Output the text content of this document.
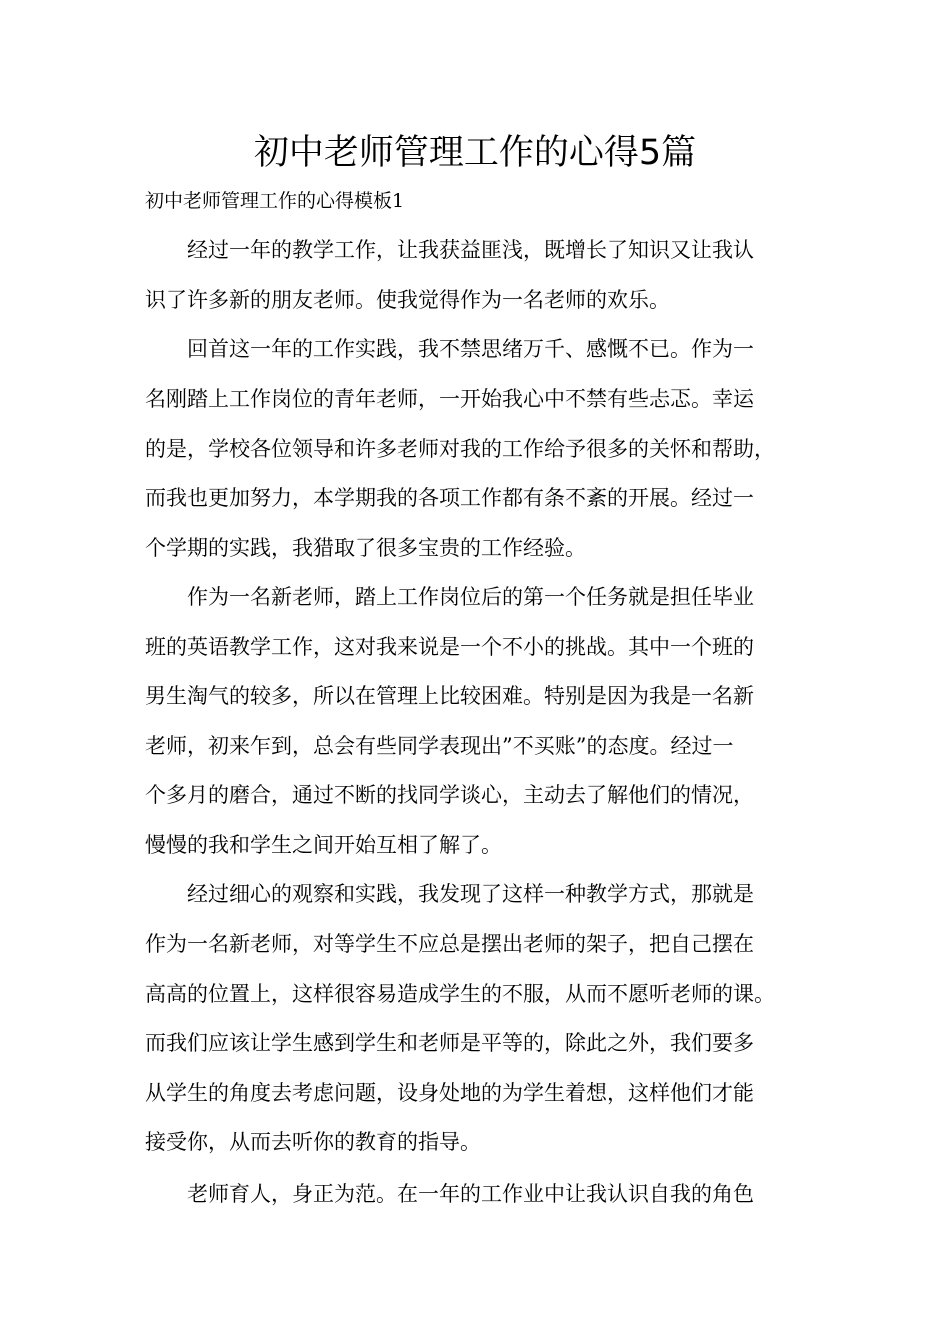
初中老师管理工作的心得5篇

初中老师管理工作的心得模板1

　　经过一年的教学工作，让我获益匪浅，既增长了知识又让我认

识了许多新的朋友老师。使我觉得作为一名老师的欢乐。

　　回首这一年的工作实践，我不禁思绪万千、感慨不已。作为一

名刚踏上工作岗位的青年老师，一开始我心中不禁有些忐忑。幸运

的是，学校各位领导和许多老师对我的工作给予很多的关怀和帮助，

而我也更加努力，本学期我的各项工作都有条不紊的开展。经过一

个学期的实践，我猎取了很多宝贵的工作经验。

　　作为一名新老师，踏上工作岗位后的第一个任务就是担任毕业

班的英语教学工作，这对我来说是一个不小的挑战。其中一个班的

男生淘气的较多，所以在管理上比较困难。特别是因为我是一名新

老师，初来乍到，总会有些同学表现出”不买账”的态度。经过一

个多月的磨合，通过不断的找同学谈心，主动去了解他们的情况，

慢慢的我和学生之间开始互相了解了。

　　经过细心的观察和实践，我发现了这样一种教学方式，那就是

作为一名新老师，对等学生不应总是摆出老师的架子，把自己摆在

高高的位置上，这样很容易造成学生的不服，从而不愿听老师的课。

而我们应该让学生感到学生和老师是平等的，除此之外，我们要多

从学生的角度去考虑问题，设身处地的为学生着想，这样他们才能

接受你，从而去听你的教育的指导。

　　老师育人，身正为范。在一年的工作业中让我认识自我的角色
